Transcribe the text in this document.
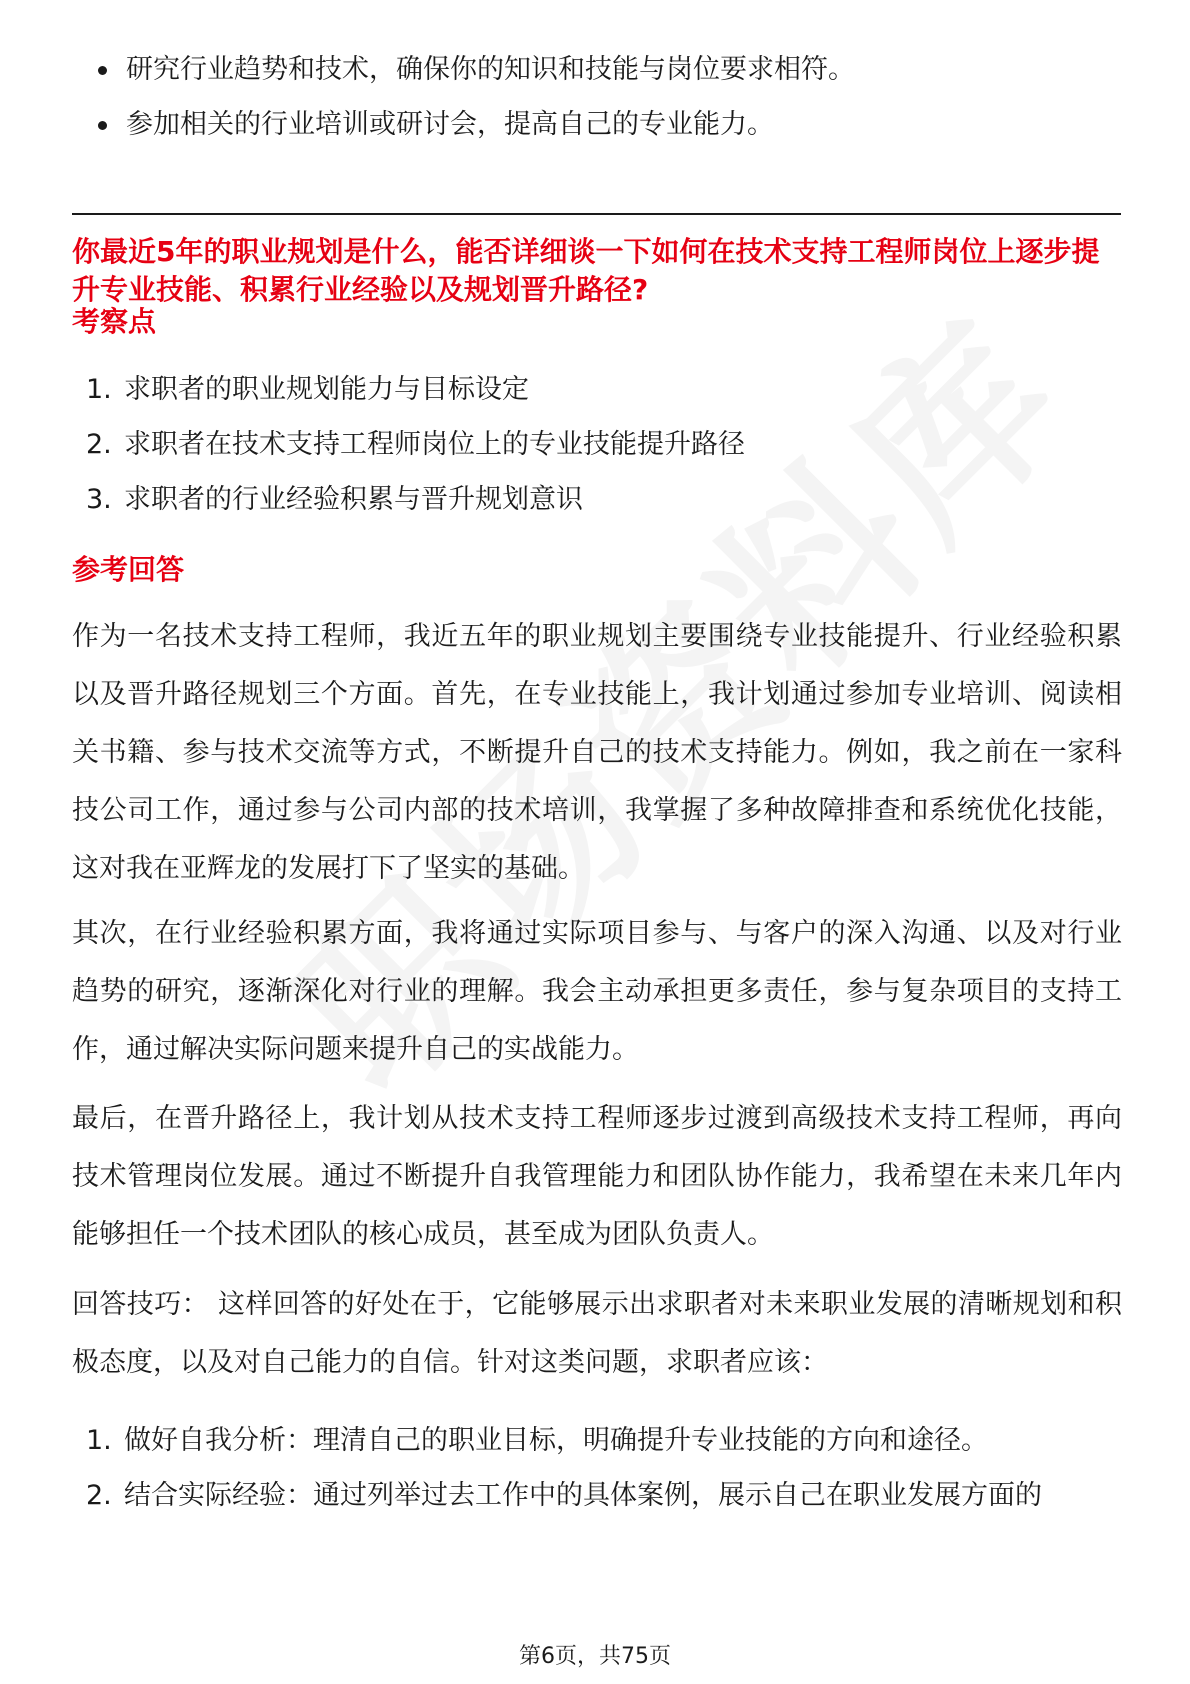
研究行业趋势和技术，确保你的知识和技能与岗位要求相符。
参加相关的行业培训或研讨会，提高自己的专业能力。
你最近5年的职业规划是什么，能否详细谈一下如何在技术支持工程师岗位上逐步提升专业技能、积累行业经验以及规划晋升路径?
考察点
1. 求职者的职业规划能力与目标设定
2. 求职者在技术支持工程师岗位上的专业技能提升路径
3. 求职者的行业经验积累与晋升规划意识
参考回答
作为一名技术支持工程师，我近五年的职业规划主要围绕专业技能提升、行业经验积累以及晋升路径规划三个方面。首先，在专业技能上，我计划通过参加专业培训、阅读相关书籍、参与技术交流等方式，不断提升自己的技术支持能力。例如，我之前在一家科技公司工作，通过参与公司内部的技术培训，我掌握了多种故障排查和系统优化技能，这对我在亚辉龙的发展打下了坚实的基础。
其次，在行业经验积累方面，我将通过实际项目参与、与客户的深入沟通、以及对行业趋势的研究，逐渐深化对行业的理解。我会主动承担更多责任，参与复杂项目的支持工作，通过解决实际问题来提升自己的实战能力。
最后，在晋升路径上，我计划从技术支持工程师逐步过渡到高级技术支持工程师，再向技术管理岗位发展。通过不断提升自我管理能力和团队协作能力，我希望在未来几年内能够担任一个技术团队的核心成员，甚至成为团队负责人。
回答技巧： 这样回答的好处在于，它能够展示出求职者对未来职业发展的清晰规划和积极态度，以及对自己能力的自信。针对这类问题，求职者应该：
1. 做好自我分析：理清自己的职业目标，明确提升专业技能的方向和途径。
2. 结合实际经验：通过列举过去工作中的具体案例，展示自己在职业发展方面的
第6页，共75页
